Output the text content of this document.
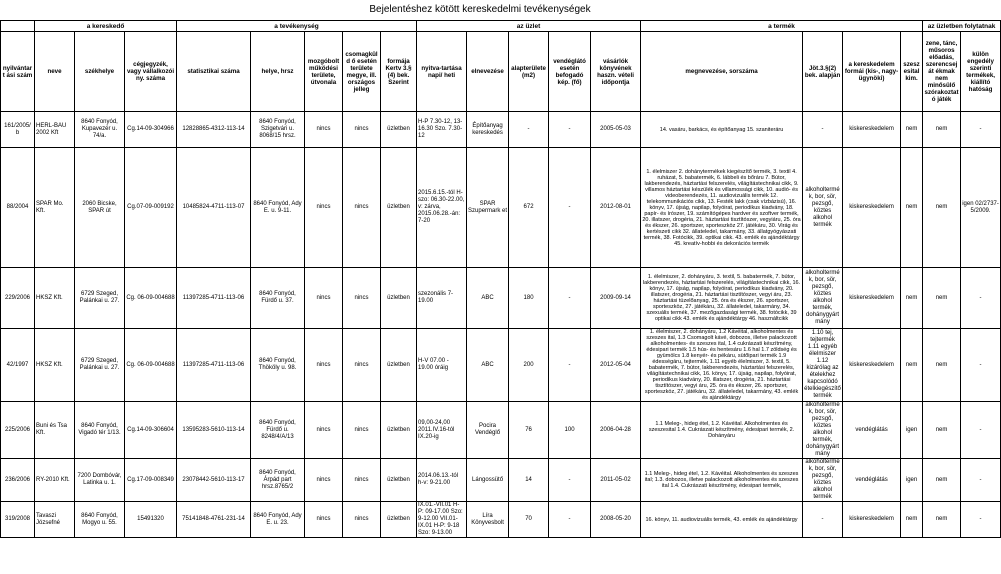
Bejelentéshez kötött kereskedelmi tevékenységek
	a kereskedő			a tevékenység					az üzlet					a termék				az üzletben folytatnak	
nyilvántart ási szám	neve	székhelye	cégjegyzék, vagy vállalkozói ny. száma	statisztikai száma	helye, hrsz	mozgóbolt működési területe, útvonala	csomagküld ő esetén területe megye, ill. országos jelleg	formája Kertv 3.§ (4) bek. Szerint	nyitva-tartása napi/ heti	elnevezése	alapterülete (m2)	vendéglátó esetén befogadó kép. (fő)	vásárlók könyvének haszn. vételi időpontja	megnevezése, sorszáma	Jöt.3.§(2) bek. alapján	a kereskedelem formái (kis-, nagy- ügynöki)	szeszesital kim.	zene, tánc, műsoros előadás, szerencseját ékmak nem minősülő szórakoztat ó játék	külön engedély szerinti termékek, kiállító hatóság
161/2005/ b	HERL-BAU 2002 Kft	8640 Fonyód, Kupavezér u. 74/a.	Cg.14-09-304966	12828865-4312-113-14	8640 Fonyód, Szigetvári u. 8068/15 hrsz.	nincs	nincs	üzletben	H-P 7.30-12, 13-16.30 Szo. 7.30-12	Építőanyag kereskedés	-	-	2005-05-03	14. vasáru, barkács, és építőanyag 15. szaniteráru	-	kiskereskedelem	nem	nem	-
88/2004	SPAR Mo. Kft.	2060 Bicske, SPAR út	Cg.07-09-009192	10485824-4711-113-07	8640 Fonyód, Ady E. u. 9-11.	nincs	nincs	üzletben	2015.6.15.-tól H-szo: 06.30-22.00, v: zárva, 2015.06.28.-án: 7-20	SPAR Szupermark et	672	-	2012-08-01	1. élelmiszer 2. dohánytermékek kiegészítő termék, 3. textil 4. ruházat, 5. babatermék, 6. lábbeli és bőráru 7. Bútor, lakberendezés, háztartási felszerelés, világítástechnikai cikk, 9. villamos háztartási készülék és villamossági cikk, 10. audió- és videoberendezés, 11. audiovizuális termék 12. telekommunikációs cikk, 13. Festék lakk (csak vízbázisú), 16. könyv, 17. újság, napilap, folyóirat, periodikus kiadvány, 18. papír- és írószer, 19. számítógépes hardver és szoftver termék, 20. illatszer, drogéria, 21. háztartási tisztítószer, vegyiáru, 25. óra és ékszer, 26. sportszer, sporteszköz 27. játékáru, 30. Virág és kertészeti cikk 32. állateledel, takarmány, 33. állatgyógyászati termék, 38. Fotócikk, 39. optikai cikk. 43. emlék és ajándéktárgy 45. kreatív-hobbi és dekorációs termék	alkoholtermék, bor, sör, pezsgő, köztes alkohol termék	kiskereskedelem	nem	nem	igen 02/2737-5/2009.
229/2006	HKSZ Kft.	6729 Szeged, Palánkai u. 27.	Cg. 06-09-004688	11397285-4711-113-06	8640 Fonyód, Fürdő u. 37.	nincs	nincs	üzletben	szezonális 7-19.00	ABC	180	-	2009-09-14	1. élelmiszer, 2. dohányáru, 3. textil, 5. babatermék, 7. bútor, lakberendezés, háztartási felszerelés, világítástechnikai cikk, 16. könyv, 17. újság, napilap, folyóirat, periodikus kiadvány, 20. illatszer, drogéria, 21. háztartási tisztítószer, vegyi áru, 23. háztartási tüzelőanyag, 25. óra és ékszer, 26. sportszer, sporteszköz, 27. játékáru, 32. állateledel, takarmány, 34. szexuális termék, 37. mezőgazdasági termék, 38. fotócikk, 39 optikai cikk 43. emlék és ajándéktárgy 46. használtcikk	alkoholtermék, bor, sör, pezsgő, köztes alkohol termék, dohánygyárt mány	kiskereskedelem	nem	nem	-
42/1997	HKSZ Kft.	6729 Szeged, Palánkai u. 27.	Cg. 06-09-004688	11397285-4711-113-06	8640 Fonyód, Thököly u. 98.	nincs	nincs	üzletben	H-V 07.00 - 19.00 óráig	ABC	200	-	2012-05-04	1. élelmiszer, 2. dohányáru, 1.2 Kávéital, alkoholmentes és szeszes ital, 1.3 Csomagolt kávé, dobozos, illetve palackozott alkoholmentes- és szeszes ital, 1.4 cukrászati készítmény, édesipari termék 1.5 hús- és hentesáru 1.6 hal 1.7 zöldség és gyümölcs 1.8 kenyér- és pékáru, sütőipari termék 1.9 édességáru, tejtermék, 1.11 egyéb élelmiszer, 3. textil, 5. babatermék, 7. bútor, lakberendezés, háztartási felszerelés, világítástechnikai cikk, 16. könyv, 17. újság, napilap, folyóirat, periodikus kiadvány, 20. illatszer, drogéria, 21. háztartási tisztítószer, vegyi áru, 25. óra és ékszer, 26. sportszer, sporteszköz, 27. játékáru, 32. állateledel, takarmány, 43. emlék és ajándéktárgy	1.10 tej, tejtermék 1.11 egyéb élelmiszer 1.12 kizárólag az ételekhez kapcsolódó ételkiegészítő termék	kiskereskedelem	nem	nem	-
225/2006	Buni és Tsa Kft.	8640 Fonyód, Vigadó tér 1/13.	Cg.14-09-306604	13595283-5610-113-14	8640 Fonyód, Fürdő u. 8248/4/A/13	nincs	nincs	üzletben	09,00-24,00 2011.IV.16-tól IX.20-ig	Pocira Vendéglő	76	100	2006-04-28	1.1 Meleg-, hideg étel, 1.2. Kávéital. Alkoholmentes és szeszesital 1.4. Cukrászati készítmény, édesipari termék, 2. Dohányáru	alkoholtermék, bor, sör, pezsgő, köztes alkohol termék, dohánygyárt mány	vendéglátás	igen	nem	-
236/2006	RY-2010 Kft.	7200 Dombóvár, Latinka u. 1.	Cg.17-09-008349	23078442-5610-113-17	8640 Fonyód, Árpád part hrsz.8765/2	nincs	nincs	üzletben	2014.06.13.-tól h-v: 9-21.00	Lángossütő	14	-	2011-05-02	1.1 Meleg-, hideg étel, 1.2. Kávéital. Alkoholmentes és szeszes ital; 1.3. dobozos, illetve palackozott alkoholmentes és szeszes ital 1.4. Cukrászati készítmény, édesipari termék,	alkoholtermék, bor, sör, pezsgő, köztes alkohol termék	vendéglátás	igen	nem	-
319/2008	Tavaszi Józsefné	8640 Fonyód, Mogyo u. 55.	15491320	75141848-4761-231-14	8640 Fonyód, Ady E. u. 23.	nincs	nincs	üzletben	IX.01.-VII.01 H-P: 09-17.00 Szo: 9-12.00 VII.01-IX.01 H-P: 9-18 Szo: 9-13.00	Líra Könyvesbolt	70	-	2008-05-20	16. könyv, 11. audiovizuális termék, 43. emlék és ajándéktárgy	-	kiskereskedelem	nem	nem	-
